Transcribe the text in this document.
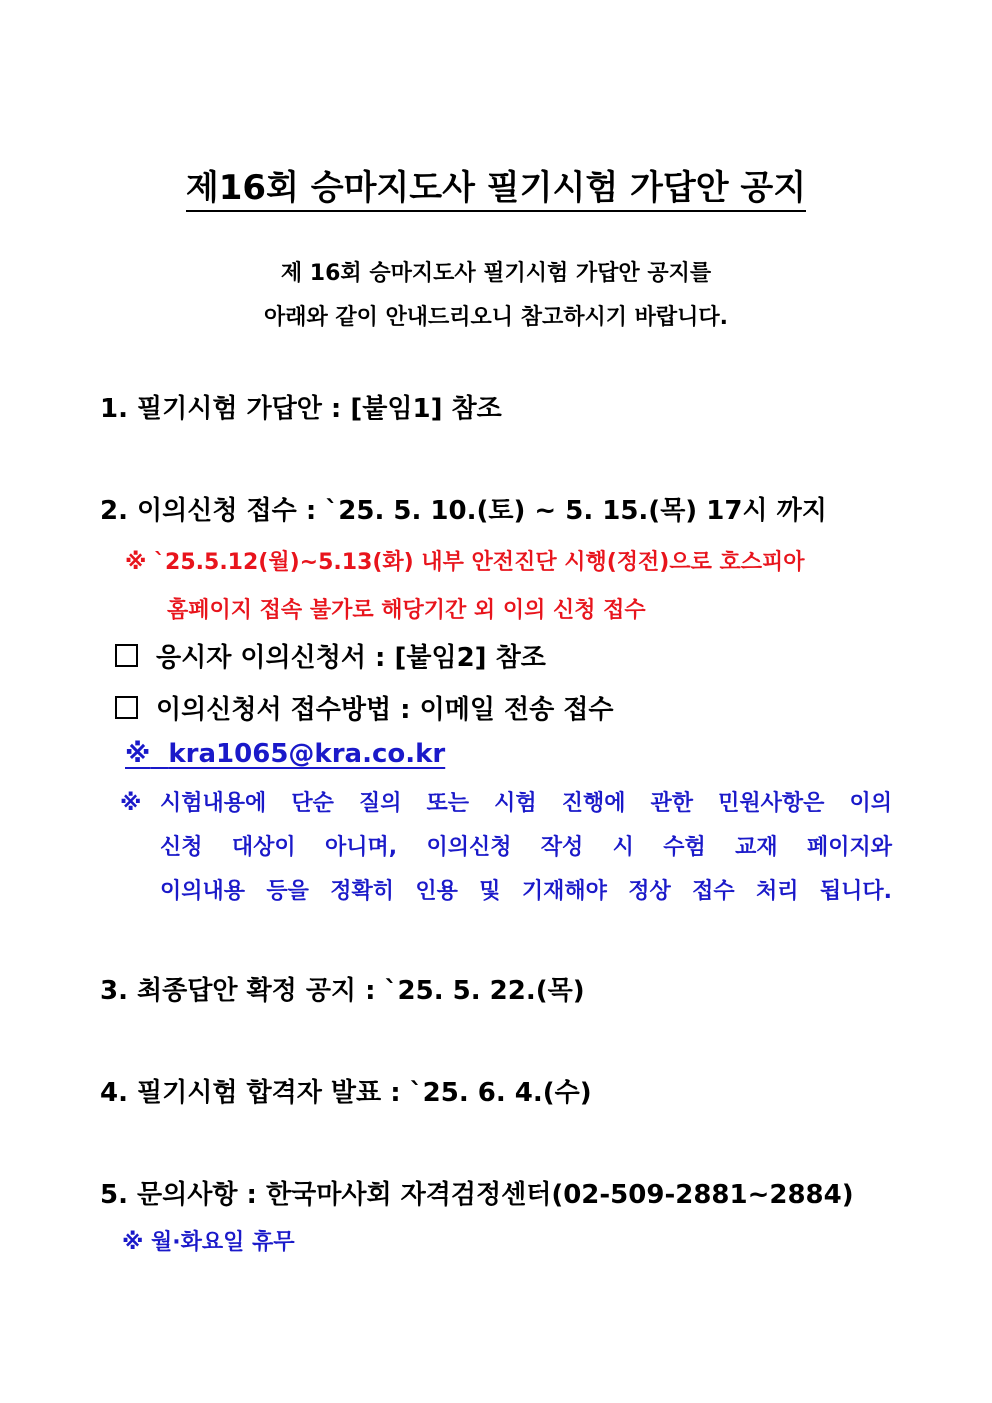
제16회 승마지도사 필기시험 가답안 공지
제 16회 승마지도사 필기시험 가답안 공지를
아래와 같이 안내드리오니 참고하시기 바랍니다.
1. 필기시험 가답안 : [붙임1] 참조
2. 이의신청 접수 : `25. 5. 10.(토) ~ 5. 15.(목) 17시 까지
※ `25.5.12(월)~5.13(화) 내부 안전진단 시행(정전)으로 호스피아
홈페이지 접속 불가로 해당기간 외 이의 신청 접수
응시자 이의신청서 : [붙임2] 참조
이의신청서 접수방법 : 이메일 전송 접수
※ kra1065@kra.co.kr
※ 시험내용에 단순 질의 또는 시험 진행에 관한 민원사항은 이의
신청 대상이 아니며, 이의신청 작성 시 수험 교재 페이지와
이의내용 등을 정확히 인용 및 기재해야 정상 접수 처리 됩니다.
3. 최종답안 확정 공지 : `25. 5. 22.(목)
4. 필기시험 합격자 발표 : `25. 6. 4.(수)
5. 문의사항 : 한국마사회 자격검정센터(02-509-2881~2884)
※ 월·화요일 휴무
